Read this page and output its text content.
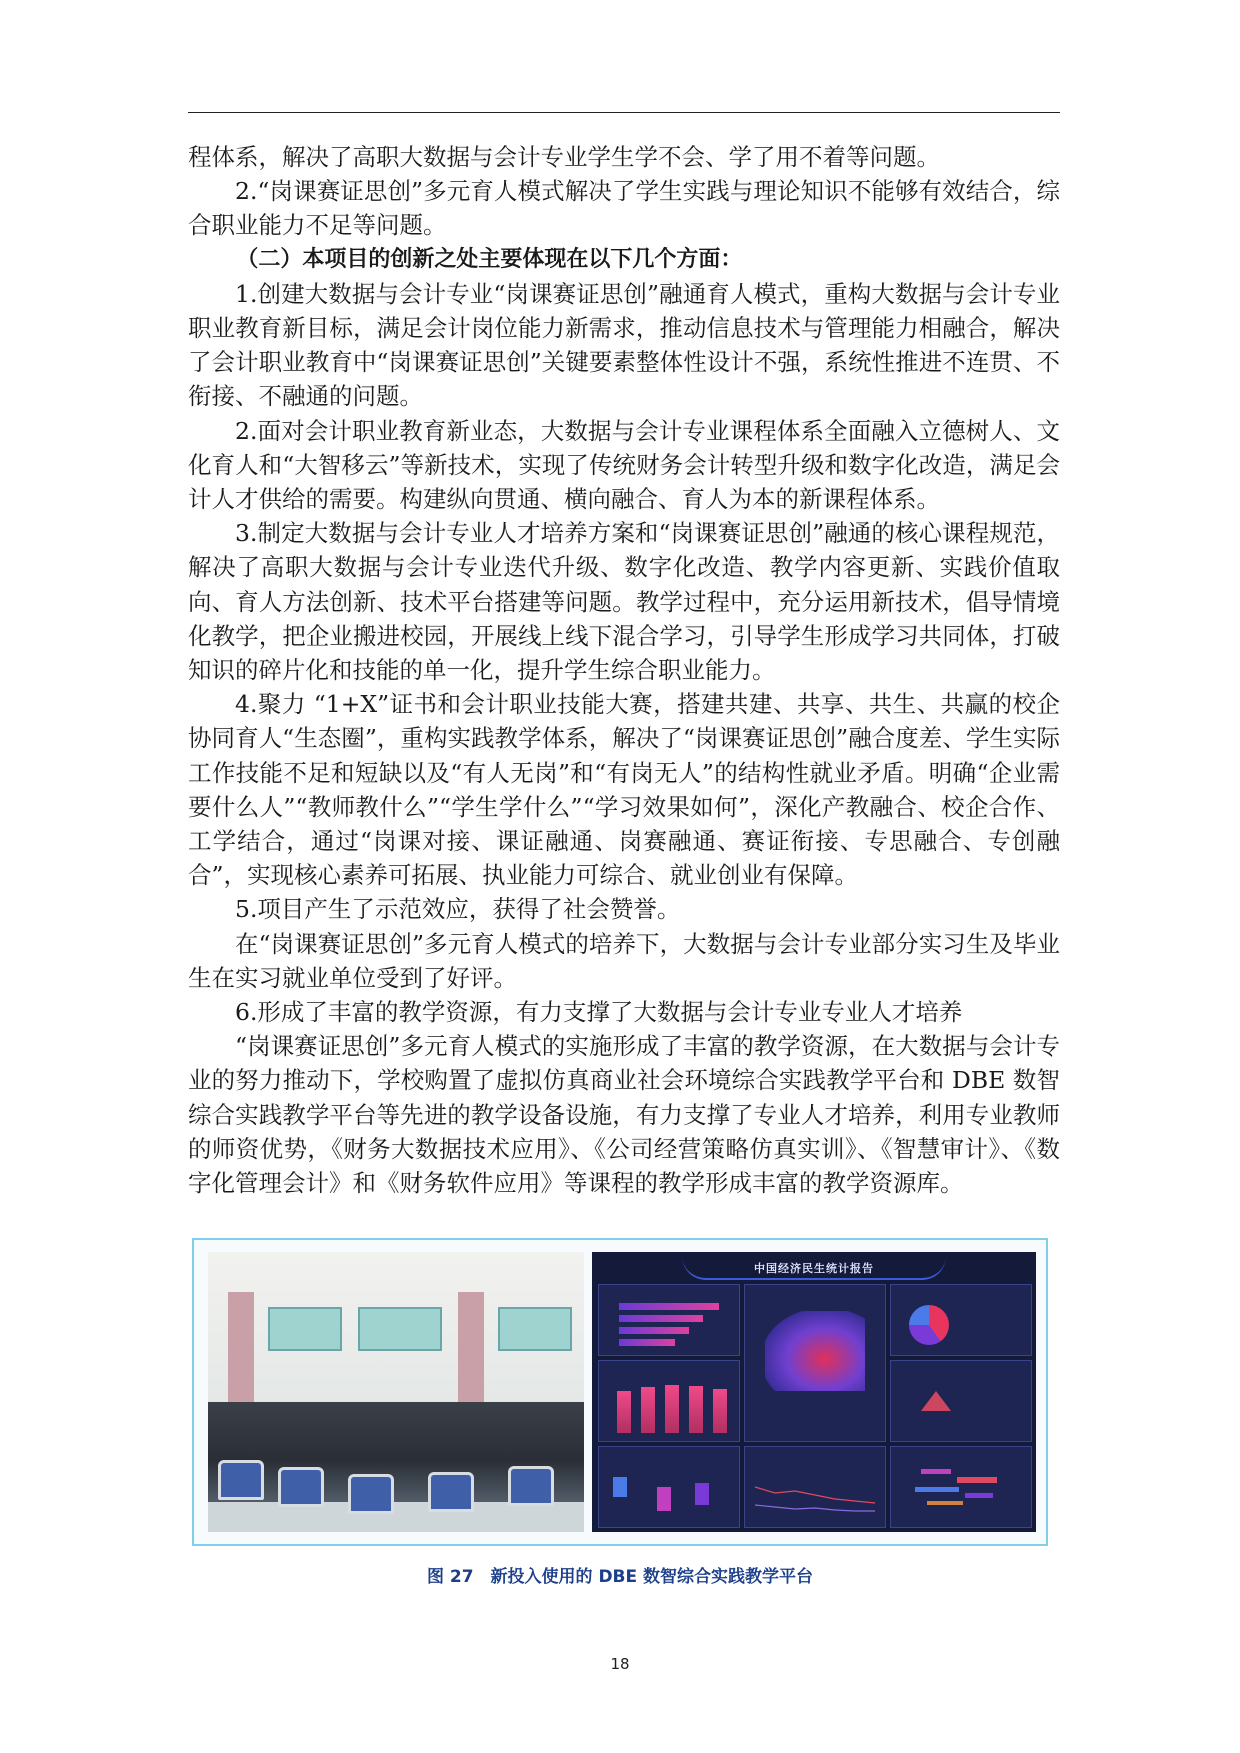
程体系，解决了高职大数据与会计专业学生学不会、学了用不着等问题。

2.“岗课赛证思创”多元育人模式解决了学生实践与理论知识不能够有效结合，综合职业能力不足等问题。

（二）本项目的创新之处主要体现在以下几个方面：

1.创建大数据与会计专业“岗课赛证思创”融通育人模式，重构大数据与会计专业职业教育新目标，满足会计岗位能力新需求，推动信息技术与管理能力相融合，解决了会计职业教育中“岗课赛证思创”关键要素整体性设计不强，系统性推进不连贯、不衔接、不融通的问题。

2.面对会计职业教育新业态，大数据与会计专业课程体系全面融入立德树人、文化育人和“大智移云”等新技术，实现了传统财务会计转型升级和数字化改造，满足会计人才供给的需要。构建纵向贯通、横向融合、育人为本的新课程体系。

3.制定大数据与会计专业人才培养方案和“岗课赛证思创”融通的核心课程规范，解决了高职大数据与会计专业迭代升级、数字化改造、教学内容更新、实践价值取向、育人方法创新、技术平台搭建等问题。教学过程中，充分运用新技术，倡导情境化教学，把企业搬进校园，开展线上线下混合学习，引导学生形成学习共同体，打破知识的碎片化和技能的单一化，提升学生综合职业能力。

4.聚力 “1+X”证书和会计职业技能大赛，搭建共建、共享、共生、共赢的校企协同育人“生态圈”，重构实践教学体系，解决了“岗课赛证思创”融合度差、学生实际工作技能不足和短缺以及“有人无岗”和“有岗无人”的结构性就业矛盾。明确“企业需要什么人”“教师教什么”“学生学什么”“学习效果如何”，深化产教融合、校企合作、工学结合，通过“岗课对接、课证融通、岗赛融通、赛证衔接、专思融合、专创融合”，实现核心素养可拓展、执业能力可综合、就业创业有保障。

5.项目产生了示范效应，获得了社会赞誉。

在“岗课赛证思创”多元育人模式的培养下，大数据与会计专业部分实习生及毕业生在实习就业单位受到了好评。

6.形成了丰富的教学资源，有力支撑了大数据与会计专业专业人才培养

“岗课赛证思创”多元育人模式的实施形成了丰富的教学资源，在大数据与会计专业的努力推动下，学校购置了虚拟仿真商业社会环境综合实践教学平台和 DBE 数智综合实践教学平台等先进的教学设备设施，有力支撑了专业人才培养，利用专业教师的师资优势，《财务大数据技术应用》、《公司经营策略仿真实训》、《智慧审计》、《数字化管理会计》和《财务软件应用》等课程的教学形成丰富的教学资源库。

中国经济民生统计报告
图 27　新投入使用的 DBE 数智综合实践教学平台
18
